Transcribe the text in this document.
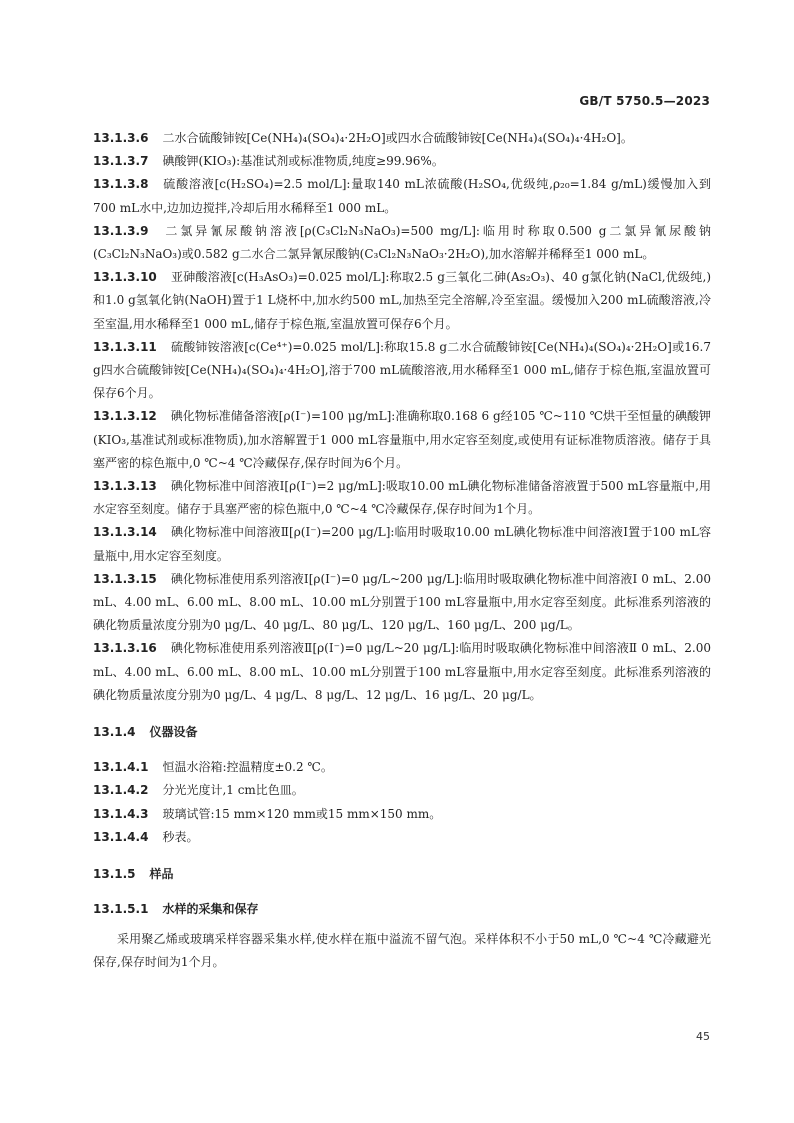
GB/T 5750.5—2023

13.1.3.6 二水合硫酸铈铵[Ce(NH₄)₄(SO₄)₄·2H₂O]或四水合硫酸铈铵[Ce(NH₄)₄(SO₄)₄·4H₂O]。

13.1.3.7 碘酸钾(KIO₃):基准试剂或标准物质,纯度≥99.96%。

13.1.3.8 硫酸溶液[c(H₂SO₄)=2.5 mol/L]:量取140 mL浓硫酸(H₂SO₄,优级纯,ρ₂₀=1.84 g/mL)缓慢加入到700 mL水中,边加边搅拌,冷却后用水稀释至1 000 mL。

13.1.3.9 二氯异氰尿酸钠溶液[ρ(C₃Cl₂N₃NaO₃)=500 mg/L]:临用时称取0.500 g二氯异氰尿酸钠(C₃Cl₂N₃NaO₃)或0.582 g二水合二氯异氰尿酸钠(C₃Cl₂N₃NaO₃·2H₂O),加水溶解并稀释至1 000 mL。

13.1.3.10 亚砷酸溶液[c(H₃AsO₃)=0.025 mol/L]:称取2.5 g三氧化二砷(As₂O₃)、40 g氯化钠(NaCl,优级纯,)和1.0 g氢氧化钠(NaOH)置于1 L烧杯中,加水约500 mL,加热至完全溶解,冷至室温。缓慢加入200 mL硫酸溶液,冷至室温,用水稀释至1 000 mL,储存于棕色瓶,室温放置可保存6个月。

13.1.3.11 硫酸铈铵溶液[c(Ce⁴⁺)=0.025 mol/L]:称取15.8 g二水合硫酸铈铵[Ce(NH₄)₄(SO₄)₄·2H₂O]或16.7 g四水合硫酸铈铵[Ce(NH₄)₄(SO₄)₄·4H₂O],溶于700 mL硫酸溶液,用水稀释至1 000 mL,储存于棕色瓶,室温放置可保存6个月。

13.1.3.12 碘化物标准储备溶液[ρ(I⁻)=100 μg/mL]:准确称取0.168 6 g经105 ℃~110 ℃烘干至恒量的碘酸钾(KIO₃,基准试剂或标准物质),加水溶解置于1 000 mL容量瓶中,用水定容至刻度,或使用有证标准物质溶液。储存于具塞严密的棕色瓶中,0 ℃~4 ℃冷藏保存,保存时间为6个月。

13.1.3.13 碘化物标准中间溶液Ⅰ[ρ(I⁻)=2 μg/mL]:吸取10.00 mL碘化物标准储备溶液置于500 mL容量瓶中,用水定容至刻度。储存于具塞严密的棕色瓶中,0 ℃~4 ℃冷藏保存,保存时间为1个月。

13.1.3.14 碘化物标准中间溶液Ⅱ[ρ(I⁻)=200 μg/L]:临用时吸取10.00 mL碘化物标准中间溶液Ⅰ置于100 mL容量瓶中,用水定容至刻度。

13.1.3.15 碘化物标准使用系列溶液Ⅰ[ρ(I⁻)=0 μg/L~200 μg/L]:临用时吸取碘化物标准中间溶液Ⅰ 0 mL、2.00 mL、4.00 mL、6.00 mL、8.00 mL、10.00 mL分别置于100 mL容量瓶中,用水定容至刻度。此标准系列溶液的碘化物质量浓度分别为0 μg/L、40 μg/L、80 μg/L、120 μg/L、160 μg/L、200 μg/L。

13.1.3.16 碘化物标准使用系列溶液Ⅱ[ρ(I⁻)=0 μg/L~20 μg/L]:临用时吸取碘化物标准中间溶液Ⅱ 0 mL、2.00 mL、4.00 mL、6.00 mL、8.00 mL、10.00 mL分别置于100 mL容量瓶中,用水定容至刻度。此标准系列溶液的碘化物质量浓度分别为0 μg/L、4 μg/L、8 μg/L、12 μg/L、16 μg/L、20 μg/L。

13.1.4 仪器设备

13.1.4.1 恒温水浴箱:控温精度±0.2 ℃。

13.1.4.2 分光光度计,1 cm比色皿。

13.1.4.3 玻璃试管:15 mm×120 mm或15 mm×150 mm。

13.1.4.4 秒表。

13.1.5 样品
13.1.5.1 水样的采集和保存

采用聚乙烯或玻璃采样容器采集水样,使水样在瓶中溢流不留气泡。采样体积不小于50 mL,0 ℃~4 ℃冷藏避光保存,保存时间为1个月。

45
